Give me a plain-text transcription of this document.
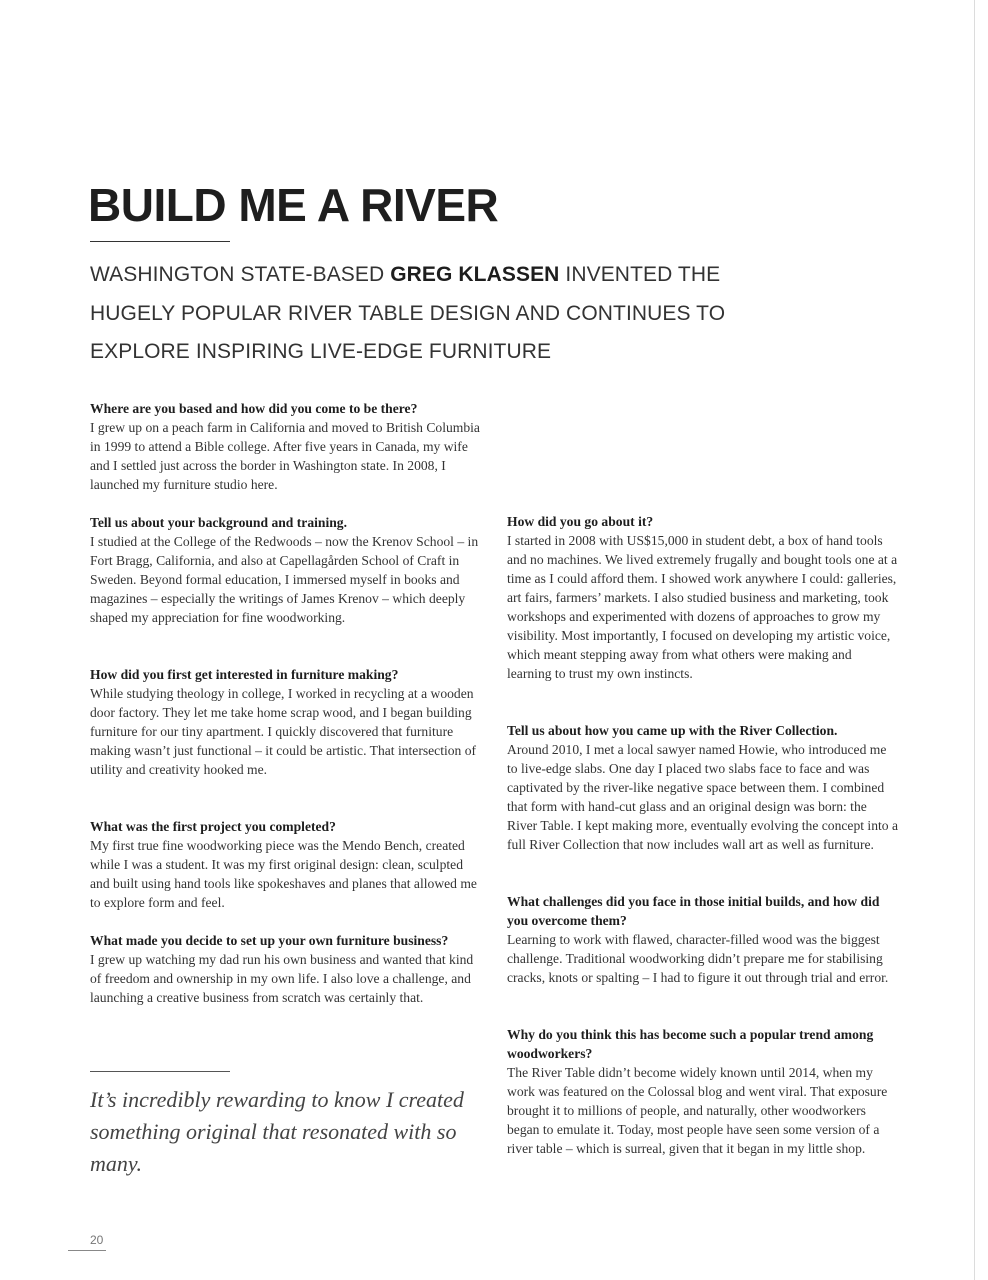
BUILD ME A RIVER

WASHINGTON STATE-BASED GREG KLASSEN INVENTED THE HUGELY POPULAR RIVER TABLE DESIGN AND CONTINUES TO EXPLORE INSPIRING LIVE-EDGE FURNITURE

Where are you based and how did you come to be there?

I grew up on a peach farm in California and moved to British Columbia in 1999 to attend a Bible college. After five years in Canada, my wife and I settled just across the border in Washington state. In 2008, I launched my furniture studio here.

Tell us about your background and training.

I studied at the College of the Redwoods – now the Krenov School – in Fort Bragg, California, and also at Capellagården School of Craft in Sweden. Beyond formal education, I immersed myself in books and magazines – especially the writings of James Krenov – which deeply shaped my appreciation for fine woodworking.

How did you first get interested in furniture making?

While studying theology in college, I worked in recycling at a wooden door factory. They let me take home scrap wood, and I began building furniture for our tiny apartment. I quickly discovered that furniture making wasn’t just functional – it could be artistic. That intersection of utility and creativity hooked me.

What was the first project you completed?

My first true fine woodworking piece was the Mendo Bench, created while I was a student. It was my first original design: clean, sculpted and built using hand tools like spokeshaves and planes that allowed me to explore form and feel.

What made you decide to set up your own furniture business?

I grew up watching my dad run his own business and wanted that kind of freedom and ownership in my own life. I also love a challenge, and launching a creative business from scratch was certainly that.

It’s incredibly rewarding to know I created something original that resonated with so many.

How did you go about it?

I started in 2008 with US$15,000 in student debt, a box of hand tools and no machines. We lived extremely frugally and bought tools one at a time as I could afford them. I showed work anywhere I could: galleries, art fairs, farmers’ markets. I also studied business and marketing, took workshops and experimented with dozens of approaches to grow my visibility. Most importantly, I focused on developing my artistic voice, which meant stepping away from what others were making and learning to trust my own instincts.

Tell us about how you came up with the River Collection.

Around 2010, I met a local sawyer named Howie, who introduced me to live-edge slabs. One day I placed two slabs face to face and was captivated by the river-like negative space between them. I combined that form with hand-cut glass and an original design was born: the River Table. I kept making more, eventually evolving the concept into a full River Collection that now includes wall art as well as furniture.

What challenges did you face in those initial builds, and how did you overcome them?

Learning to work with flawed, character-filled wood was the biggest challenge. Traditional woodworking didn’t prepare me for stabilising cracks, knots or spalting – I had to figure it out through trial and error.

Why do you think this has become such a popular trend among woodworkers?

The River Table didn’t become widely known until 2014, when my work was featured on the Colossal blog and went viral. That exposure brought it to millions of people, and naturally, other woodworkers began to emulate it. Today, most people have seen some version of a river table – which is surreal, given that it began in my little shop.

20
